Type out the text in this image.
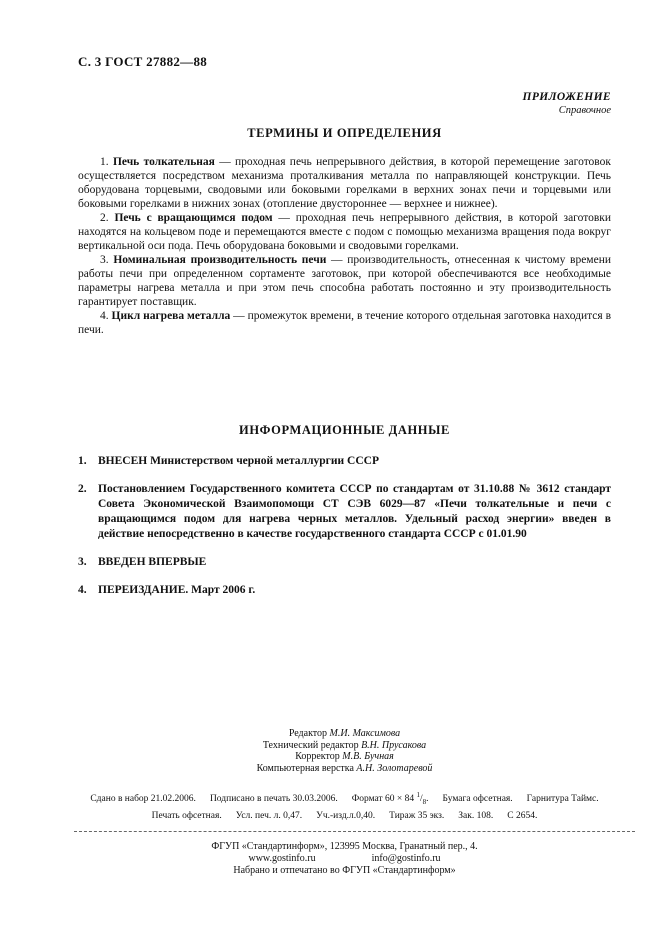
С. 3 ГОСТ 27882—88
ПРИЛОЖЕНИЕ
Справочное
ТЕРМИНЫ И ОПРЕДЕЛЕНИЯ

1. Печь толкательная — проходная печь непрерывного действия, в которой перемещение заготовок осуществляется посредством механизма проталкивания металла по направляющей конструкции. Печь оборудована торцевыми, сводовыми или боковыми горелками в верхних зонах печи и торцевыми или боковыми горелками в нижних зонах (отопление двустороннее — верхнее и нижнее).

2. Печь с вращающимся подом — проходная печь непрерывного действия, в которой заготовки находятся на кольцевом поде и перемещаются вместе с подом с помощью механизма вращения пода вокруг вертикальной оси пода. Печь оборудована боковыми и сводовыми горелками.

3. Номинальная производительность печи — производительность, отнесенная к чистому времени работы печи при определенном сортаменте заготовок, при которой обеспечиваются все необходимые параметры нагрева металла и при этом печь способна работать постоянно и эту производительность гарантирует поставщик.

4. Цикл нагрева металла — промежуток времени, в течение которого отдельная заготовка находится в печи.

ИНФОРМАЦИОННЫЕ ДАННЫЕ
1. ВНЕСЕН Министерством черной металлургии СССР
2. Постановлением Государственного комитета СССР по стандартам от 31.10.88 № 3612 стандарт Совета Экономической Взаимопомощи СТ СЭВ 6029—87 «Печи толкательные и печи с вращающимся подом для нагрева черных металлов. Удельный расход энергии» введен в действие непосредственно в качестве государственного стандарта СССР с 01.01.90
3. ВВЕДЕН ВПЕРВЫЕ
4. ПЕРЕИЗДАНИЕ. Март 2006 г.
Редактор М.И. Максимова
Технический редактор В.Н. Прусакова
Корректор М.В. Бучная
Компьютерная верстка А.Н. Золотаревой
Сдано в набор 21.02.2006. Подписано в печать 30.03.2006. Формат 60 × 84 $^1/_8$. Бумага офсетная. Гарнитура Таймс.
Печать офсетная. Усл. печ. л. 0,47. Уч.-изд.л.0,40. Тираж 35 экз. Зак. 108. С 2654.
ФГУП «Стандартинформ», 123995 Москва, Гранатный пер., 4.
www.gostinfo.ru	info@gostinfo.ru
Набрано и отпечатано во ФГУП «Стандартинформ»
